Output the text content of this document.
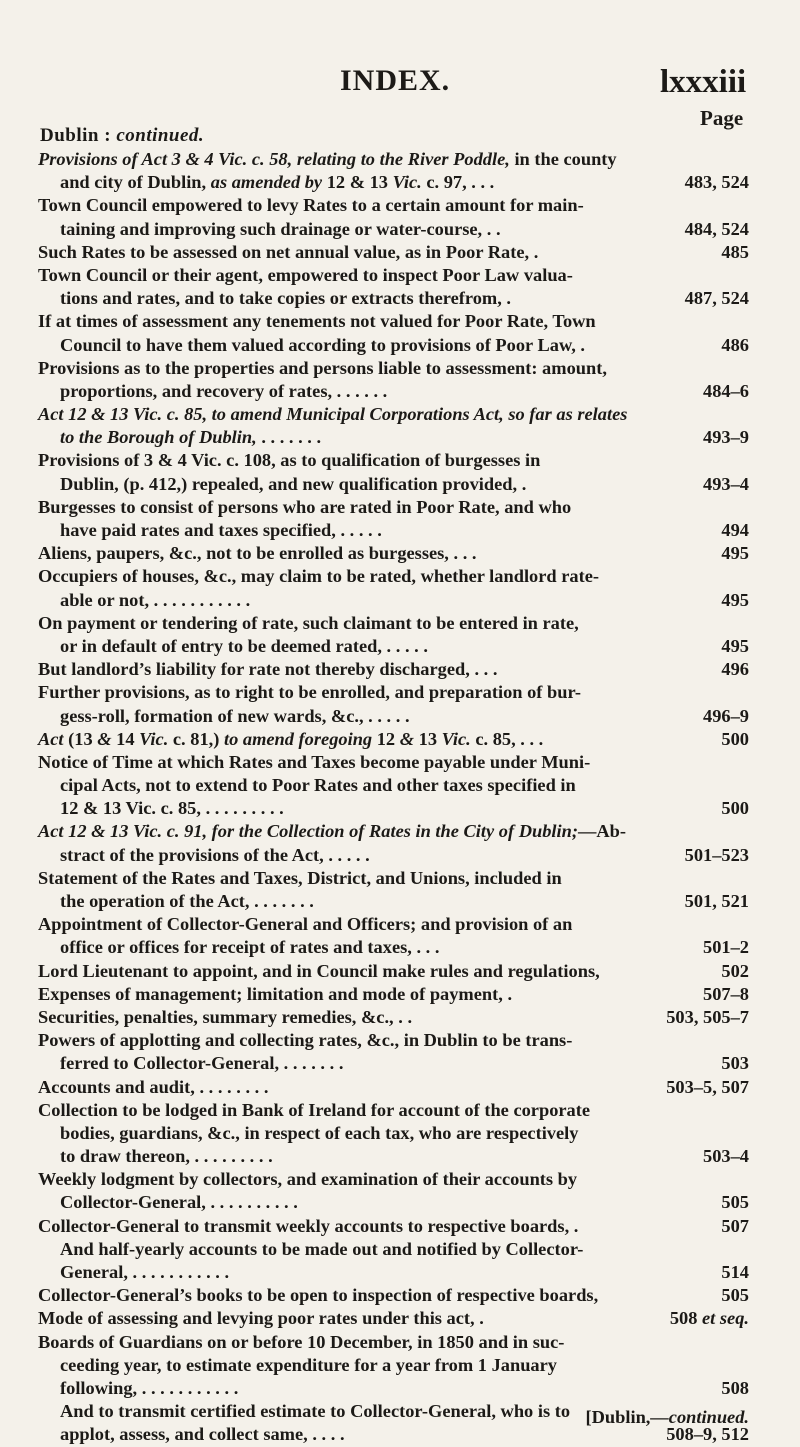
INDEX.	lxxxiii
Page
Dublin : continued.
Provisions of Act 3 & 4 Vic. c. 58, relating to the River Poddle, in the county
and city of Dublin, as amended by 12 & 13 Vic. c. 97, . . .	483, 524
Town Council empowered to levy Rates to a certain amount for main-
taining and improving such drainage or water-course, . .	484, 524
Such Rates to be assessed on net annual value, as in Poor Rate, .	485
Town Council or their agent, empowered to inspect Poor Law valua-
tions and rates, and to take copies or extracts therefrom, .	487, 524
If at times of assessment any tenements not valued for Poor Rate, Town
Council to have them valued according to provisions of Poor Law, .	486
Provisions as to the properties and persons liable to assessment: amount,
proportions, and recovery of rates, . . . . . .	484–6
Act 12 & 13 Vic. c. 85, to amend Municipal Corporations Act, so far as relates
to the Borough of Dublin, . . . . . . .	493–9
Provisions of 3 & 4 Vic. c. 108, as to qualification of burgesses in
Dublin, (p. 412,) repealed, and new qualification provided, .	493–4
Burgesses to consist of persons who are rated in Poor Rate, and who
have paid rates and taxes specified, . . . . .	494
Aliens, paupers, &c., not to be enrolled as burgesses, . . .	495
Occupiers of houses, &c., may claim to be rated, whether landlord rate-
able or not, . . . . . . . . . . .	495
On payment or tendering of rate, such claimant to be entered in rate,
or in default of entry to be deemed rated, . . . . .	495
But landlord’s liability for rate not thereby discharged, . . .	496
Further provisions, as to right to be enrolled, and preparation of bur-
gess-roll, formation of new wards, &c., . . . . .	496–9
Act (13 & 14 Vic. c. 81,) to amend foregoing 12 & 13 Vic. c. 85, . . .	500
Notice of Time at which Rates and Taxes become payable under Muni-
cipal Acts, not to extend to Poor Rates and other taxes specified in
12 & 13 Vic. c. 85, . . . . . . . . .	500
Act 12 & 13 Vic. c. 91, for the Collection of Rates in the City of Dublin;—Ab-
stract of the provisions of the Act, . . . . .	501–523
Statement of the Rates and Taxes, District, and Unions, included in
the operation of the Act, . . . . . . .	501, 521
Appointment of Collector-General and Officers; and provision of an
office or offices for receipt of rates and taxes, . . .	501–2
Lord Lieutenant to appoint, and in Council make rules and regulations,	502
Expenses of management; limitation and mode of payment, .	507–8
Securities, penalties, summary remedies, &c., . .	503, 505–7
Powers of applotting and collecting rates, &c., in Dublin to be trans-
ferred to Collector-General, . . . . . . .	503
Accounts and audit, . . . . . . . .	503–5, 507
Collection to be lodged in Bank of Ireland for account of the corporate
bodies, guardians, &c., in respect of each tax, who are respectively
to draw thereon, . . . . . . . . .	503–4
Weekly lodgment by collectors, and examination of their accounts by
Collector-General, . . . . . . . . . .	505
Collector-General to transmit weekly accounts to respective boards, .	507
And half-yearly accounts to be made out and notified by Collector-
General, . . . . . . . . . . .	514
Collector-General’s books to be open to inspection of respective boards,	505
Mode of assessing and levying poor rates under this act, .	508 et seq.
Boards of Guardians on or before 10 December, in 1850 and in suc-
ceeding year, to estimate expenditure for a year from 1 January
following, . . . . . . . . . . .	508
And to transmit certified estimate to Collector-General, who is to
applot, assess, and collect same, . . . .	508–9, 512
[Dublin,—continued.
